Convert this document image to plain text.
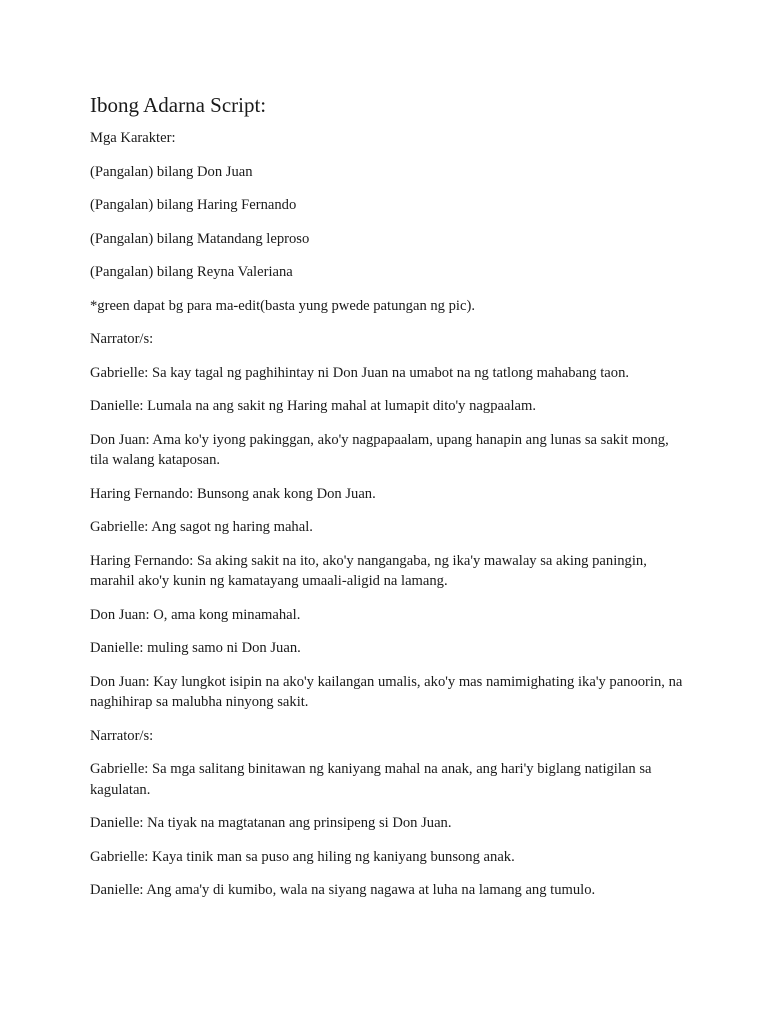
Ibong Adarna Script:
Mga Karakter:
(Pangalan) bilang Don Juan
(Pangalan) bilang Haring Fernando
(Pangalan) bilang Matandang leproso
(Pangalan) bilang Reyna Valeriana
*green dapat bg para ma-edit(basta yung pwede patungan ng pic).
Narrator/s:
Gabrielle: Sa kay tagal ng paghihintay ni Don Juan na umabot na ng tatlong mahabang taon.
Danielle: Lumala na ang sakit ng Haring mahal at lumapit dito'y nagpaalam.
Don Juan: Ama ko'y iyong pakinggan, ako'y nagpapaalam, upang hanapin ang lunas sa sakit mong, tila walang kataposan.
Haring Fernando: Bunsong anak kong Don Juan.
Gabrielle: Ang sagot ng haring mahal.
Haring Fernando: Sa aking sakit na ito, ako'y nangangaba, ng ika'y mawalay sa aking paningin, marahil ako'y kunin ng kamatayang umaali-aligid na lamang.
Don Juan: O, ama kong minamahal.
Danielle: muling samo ni Don Juan.
Don Juan: Kay lungkot isipin na ako'y kailangan umalis, ako'y mas namimighating ika'y panoorin, na naghihirap sa malubha ninyong sakit.
Narrator/s:
Gabrielle: Sa mga salitang binitawan ng kaniyang mahal na anak, ang hari'y biglang natigilan sa kagulatan.
Danielle: Na tiyak na magtatanan ang prinsipeng si Don Juan.
Gabrielle: Kaya tinik man sa puso ang hiling ng kaniyang bunsong anak.
Danielle: Ang ama'y di kumibo, wala na siyang nagawa at luha na lamang ang tumulo.
